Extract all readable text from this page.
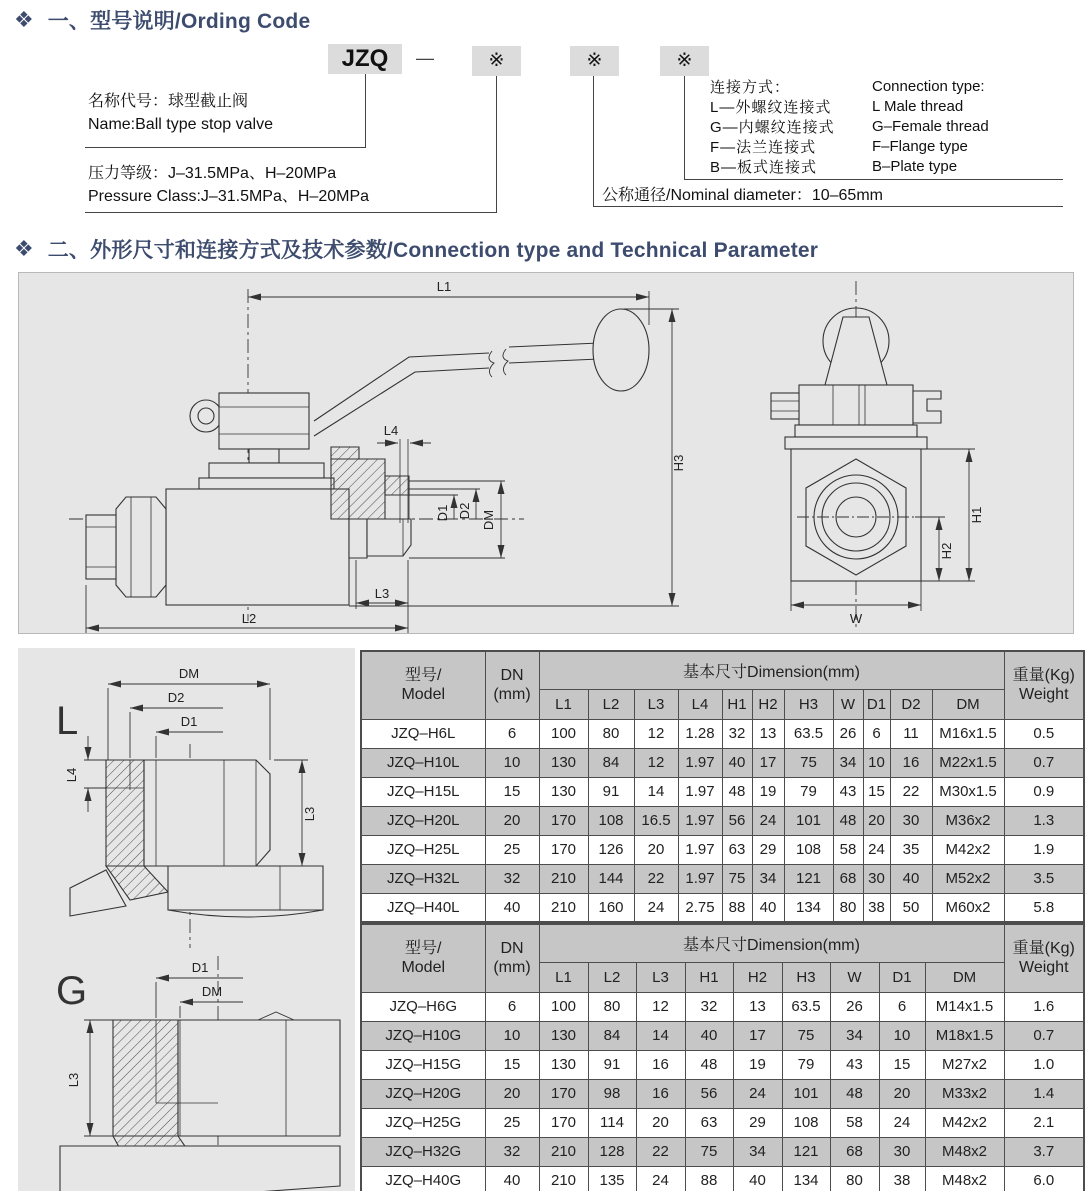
❖ 一、型号说明/Ording Code
JZQ	—	※	※	※
名称代号：球型截止阀
Name:Ball type stop valve
压力等级：J–31.5MPa、H–20MPa
Pressure Class:J–31.5MPa、H–20MPa	公称通径/Nominal diameter：10–65mm
连接方式：
L—外螺纹连接式
G—内螺纹连接式
F—法兰连接式
B—板式连接式
Connection type:
L Male thread
G–Female thread
F–Flange type
B–Plate type
❖ 二、外形尺寸和连接方式及技术参数/Connection type and Technical Parameter
L1
H3
L4
D1 D2 DM
L3
L2	W
H1
H2
L
DM
D2
D1
L4
L3
G
D1
DM
L3
型号/
Model	DN
(mm)	基本尺寸Dimension(mm)											重量(Kg)
Weight

		L1	L2	L3	L4	H1	H2	H3	W	D1	D2	DM	
JZQ–H6L	6	100	80	12	1.28	32	13	63.5	26	6	11	M16x1.5	0.5
JZQ–H10L	10	130	84	12	1.97	40	17	75	34	10	16	M22x1.5	0.7
JZQ–H15L	15	130	91	14	1.97	48	19	79	43	15	22	M30x1.5	0.9
JZQ–H20L	20	170	108	16.5	1.97	56	24	101	48	20	30	M36x2	1.3
JZQ–H25L	25	170	126	20	1.97	63	29	108	58	24	35	M42x2	1.9
JZQ–H32L	32	210	144	22	1.97	75	34	121	68	30	40	M52x2	3.5
JZQ–H40L	40	210	160	24	2.75	88	40	134	80	38	50	M60x2	5.8
型号/
Model	DN
(mm)	基本尺寸Dimension(mm)									重量(Kg)
Weight

		L1	L2	L3	H1	H2	H3	W	D1	DM	
JZQ–H6G	6	100	80	12	32	13	63.5	26	6	M14x1.5	1.6
JZQ–H10G	10	130	84	14	40	17	75	34	10	M18x1.5	0.7
JZQ–H15G	15	130	91	16	48	19	79	43	15	M27x2	1.0
JZQ–H20G	20	170	98	16	56	24	101	48	20	M33x2	1.4
JZQ–H25G	25	170	114	20	63	29	108	58	24	M42x2	2.1
JZQ–H32G	32	210	128	22	75	34	121	68	30	M48x2	3.7
JZQ–H40G	40	210	135	24	88	40	134	80	38	M48x2	6.0
